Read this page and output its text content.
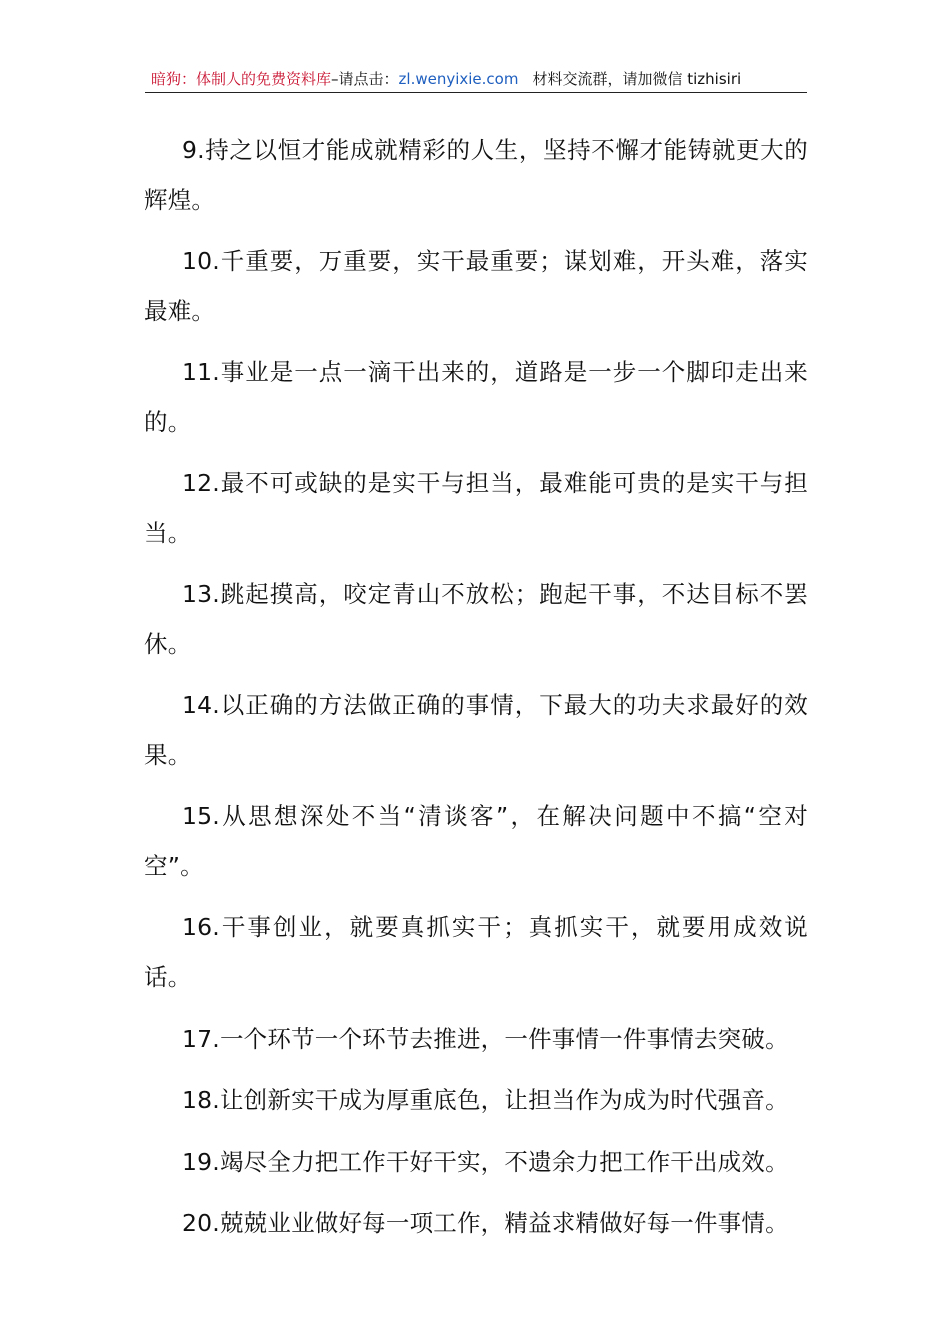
暗狗：体制人的免费资料库–请点击：zl.wenyixie.com 材料交流群，请加微信 tizhisiri

9.持之以恒才能成就精彩的人生，坚持不懈才能铸就更大的辉煌。

10.千重要，万重要，实干最重要；谋划难，开头难，落实最难。

11.事业是一点一滴干出来的，道路是一步一个脚印走出来的。

12.最不可或缺的是实干与担当，最难能可贵的是实干与担当。

13.跳起摸高，咬定青山不放松；跑起干事，不达目标不罢休。

14.以正确的方法做正确的事情，下最大的功夫求最好的效果。

15.从思想深处不当“清谈客”，在解决问题中不搞“空对空”。

16.干事创业，就要真抓实干；真抓实干，就要用成效说话。

17.一个环节一个环节去推进，一件事情一件事情去突破。

18.让创新实干成为厚重底色，让担当作为成为时代强音。

19.竭尽全力把工作干好干实，不遗余力把工作干出成效。

20.兢兢业业做好每一项工作，精益求精做好每一件事情。
